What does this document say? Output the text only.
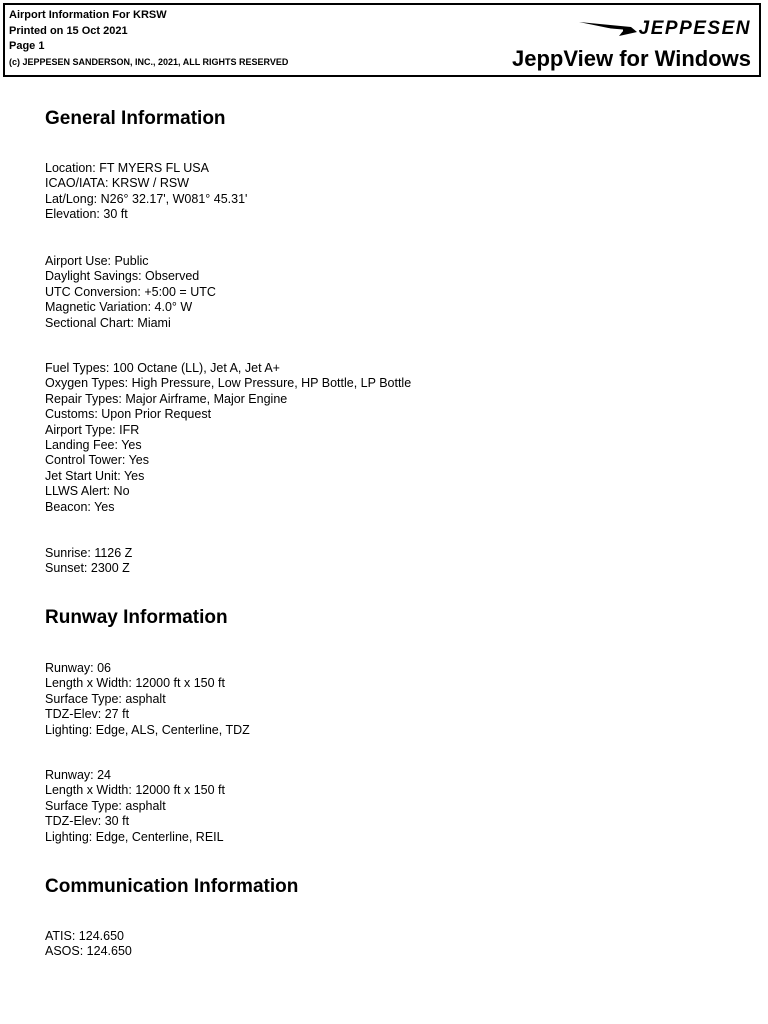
Airport Information For KRSW
Printed on 15 Oct 2021
Page 1
(c) JEPPESEN SANDERSON, INC., 2021, ALL RIGHTS RESERVED
JEPPESEN
JeppView for Windows
General Information
Location: FT MYERS FL USA
ICAO/IATA: KRSW / RSW
Lat/Long: N26° 32.17', W081° 45.31'
Elevation: 30 ft
Airport Use: Public
Daylight Savings: Observed
UTC Conversion: +5:00 = UTC
Magnetic Variation: 4.0° W
Sectional Chart: Miami
Fuel Types: 100 Octane (LL), Jet A, Jet A+
Oxygen Types: High Pressure, Low Pressure, HP Bottle, LP Bottle
Repair Types: Major Airframe, Major Engine
Customs: Upon Prior Request
Airport Type: IFR
Landing Fee: Yes
Control Tower: Yes
Jet Start Unit: Yes
LLWS Alert: No
Beacon: Yes
Sunrise: 1126 Z
Sunset: 2300 Z
Runway Information
Runway: 06
Length x Width: 12000 ft x 150 ft
Surface Type: asphalt
TDZ-Elev: 27 ft
Lighting: Edge, ALS, Centerline, TDZ
Runway: 24
Length x Width: 12000 ft x 150 ft
Surface Type: asphalt
TDZ-Elev: 30 ft
Lighting: Edge, Centerline, REIL
Communication Information
ATIS: 124.650
ASOS: 124.650
